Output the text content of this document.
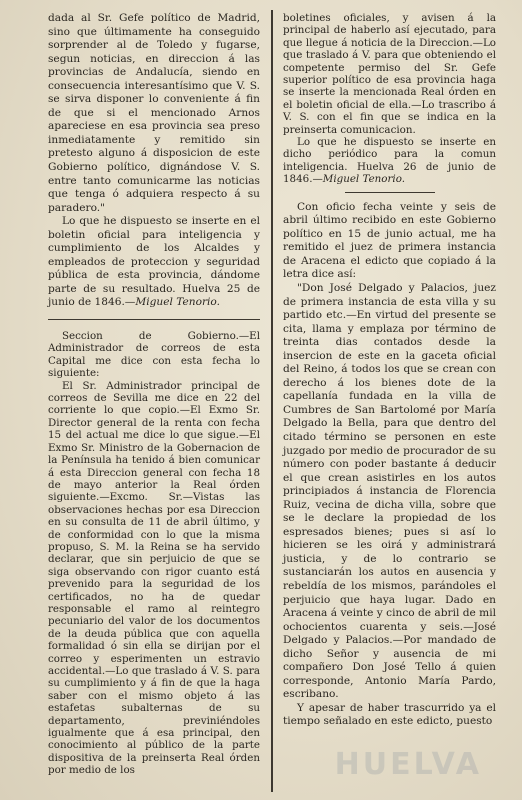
dada al Sr. Gefe político de Madrid, sino que últimamente ha conseguido sorprender al de Toledo y fugarse, segun noticias, en direccion á las provincias de Andalucía, siendo en consecuencia interesantísimo que V. S. se sirva disponer lo conveniente á fin de que si el mencionado Arnos apareciese en esa provincia sea preso inmediatamente y remitido sin pretesto alguno á disposicion de este Gobierno político, dignándose V. S. entre tanto comunicarme las noticias que tenga ó adquiera respecto á su paradero."

Lo que he dispuesto se inserte en el boletin oficial para inteligencia y cumplimiento de los Alcaldes y empleados de proteccion y seguridad pública de esta provincia, dándome parte de su resultado. Huelva 25 de junio de 1846.—Miguel Tenorio.

Seccion de Gobierno.—El Administrador de correos de esta Capital me dice con esta fecha lo siguiente:

El Sr. Administrador principal de correos de Sevilla me dice en 22 del corriente lo que copio.—El Exmo Sr. Director general de la renta con fecha 15 del actual me dice lo que sigue.—El Exmo Sr. Ministro de la Gobernacion de la Península ha tenido á bien comunicar á esta Direccion general con fecha 18 de mayo anterior la Real órden siguiente.—Excmo. Sr.—Vistas las observaciones hechas por esa Direccion en su consulta de 11 de abril último, y de conformidad con lo que la misma propuso, S. M. la Reina se ha servido declarar, que sin perjuicio de que se siga observando con rigor cuanto está prevenido para la seguridad de los certificados, no ha de quedar responsable el ramo al reintegro pecuniario del valor de los documentos de la deuda pública que con aquella formalidad ó sin ella se dirijan por el correo y esperimenten un estravio accidental.—Lo que traslado á V. S. para su cumplimiento y á fin de que la haga saber con el mismo objeto á las estafetas subalternas de su departamento, previniéndoles igualmente que á esa principal, den conocimiento al público de la parte dispositiva de la preinserta Real órden por medio de los

boletines oficiales, y avisen á la principal de haberlo así ejecutado, para que llegue á noticia de la Direccion.—Lo que traslado á V. para que obteniendo el competente permiso del Sr. Gefe superior político de esa provincia haga se inserte la mencionada Real órden en el boletin oficial de ella.—Lo trascribo á V. S. con el fin que se indica en la preinserta comunicacion.

Lo que he dispuesto se inserte en dicho periódico para la comun inteligencia. Huelva 26 de junio de 1846.—Miguel Tenorio.

Con oficio fecha veinte y seis de abril último recibido en este Gobierno político en 15 de junio actual, me ha remitido el juez de primera instancia de Aracena el edicto que copiado á la letra dice así:

"Don José Delgado y Palacios, juez de primera instancia de esta villa y su partido etc.—En virtud del presente se cita, llama y emplaza por término de treinta dias contados desde la insercion de este en la gaceta oficial del Reino, á todos los que se crean con derecho á los bienes dote de la capellanía fundada en la villa de Cumbres de San Bartolomé por María Delgado la Bella, para que dentro del citado término se personen en este juzgado por medio de procurador de su número con poder bastante á deducir el que crean asistirles en los autos principiados á instancia de Florencia Ruiz, vecina de dicha villa, sobre que se le declare la propiedad de los espresados bienes; pues si así lo hicieren se les oirá y administrará justicia, y de lo contrario se sustanciarán los autos en ausencia y rebeldía de los mismos, parándoles el perjuicio que haya lugar. Dado en Aracena á veinte y cinco de abril de mil ochocientos cuarenta y seis.—José Delgado y Palacios.—Por mandado de dicho Señor y ausencia de mi compañero Don José Tello á quien corresponde, Antonio María Pardo, escribano.

Y apesar de haber trascurrido ya el tiempo señalado en este edicto, puesto

HUELVA
